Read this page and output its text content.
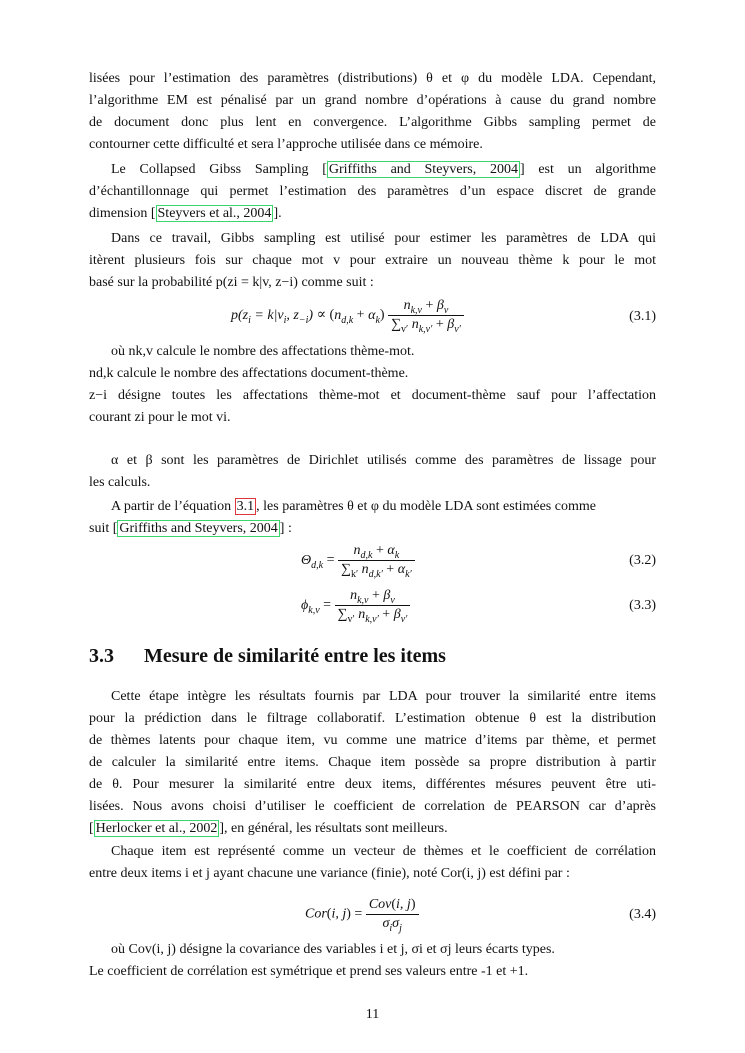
lisées pour l’estimation des paramètres (distributions) θ et φ du modèle LDA. Cependant,
l’algorithme EM est pénalisé par un grand nombre d’opérations à cause du grand nombre
de document donc plus lent en convergence. L’algorithme Gibbs sampling permet de
contourner cette difficulté et sera l’approche utilisée dans ce mémoire.
Le Collapsed Gibss Sampling [ Griffiths and Steyvers, 2004 ] est un algorithme
d’échantillonnage qui permet l’estimation des paramètres d’un espace discret de grande
dimension [ Steyvers et al., 2004 ].
Dans ce travail, Gibbs sampling est utilisé pour estimer les paramètres de LDA qui
itèrent plusieurs fois sur chaque mot v pour extraire un nouveau thème k pour le mot
basé sur la probabilité p(zi = k|v, z−i) comme suit :
$p(z_i = k|v_i$, $z_{-i}) \propto (n_{d,k} + \alpha_k) \frac{n_{k,v} + \beta_v}{\sum_{v'} n_{k,v'} + \beta_{v'}}$	(3.1)
où nk,v calcule le nombre des affectations thème-mot.
nd,k calcule le nombre des affectations document-thème.
z−i désigne toutes les affectations thème-mot et document-thème sauf pour l’affectation
courant zi pour le mot vi.
α et β sont les paramètres de Dirichlet utilisés comme des paramètres de lissage pour
les calculs.
A partir de l’équation 3.1 , les paramètres θ et φ du modèle LDA sont estimées comme
suit [ Griffiths and Steyvers, 2004 ] :
$\Theta_{d,k} = \frac{n_{d,k} + \alpha_k}{\sum_{k'} n_{d,k'} + \alpha_{k'}}$	(3.2)
$\phi_{k,v} = \frac{n_{k,v} + \beta_v}{\sum_{v'} n_{k,v'} + \beta_{v'}}$	(3.3)
3.3 Mesure de similarité entre les items
Cette étape intègre les résultats fournis par LDA pour trouver la similarité entre items
pour la prédiction dans le filtrage collaboratif. L’estimation obtenue θ est la distribution
de thèmes latents pour chaque item, vu comme une matrice d’items par thème, et permet
de calculer la similarité entre items. Chaque item possède sa propre distribution à partir
de θ. Pour mesurer la similarité entre deux items, différentes mésures peuvent être uti-
lisées. Nous avons choisi d’utiliser le coefficient de correlation de PEARSON car d’après
[ Herlocker et al., 2002 ], en général, les résultats sont meilleurs.
Chaque item est représenté comme un vecteur de thèmes et le coefficient de corrélation
entre deux items i et j ayant chacune une variance (finie), noté Cor(i, j) est défini par :
Cor(i, $j) = \frac{\text{Cov(i, j)}}{\sigma_i\sigma_j}$	(3.4)
où Cov(i, j) désigne la covariance des variables i et j, σi et σj leurs écarts types.
Le coefficient de corrélation est symétrique et prend ses valeurs entre -1 et +1.
11
